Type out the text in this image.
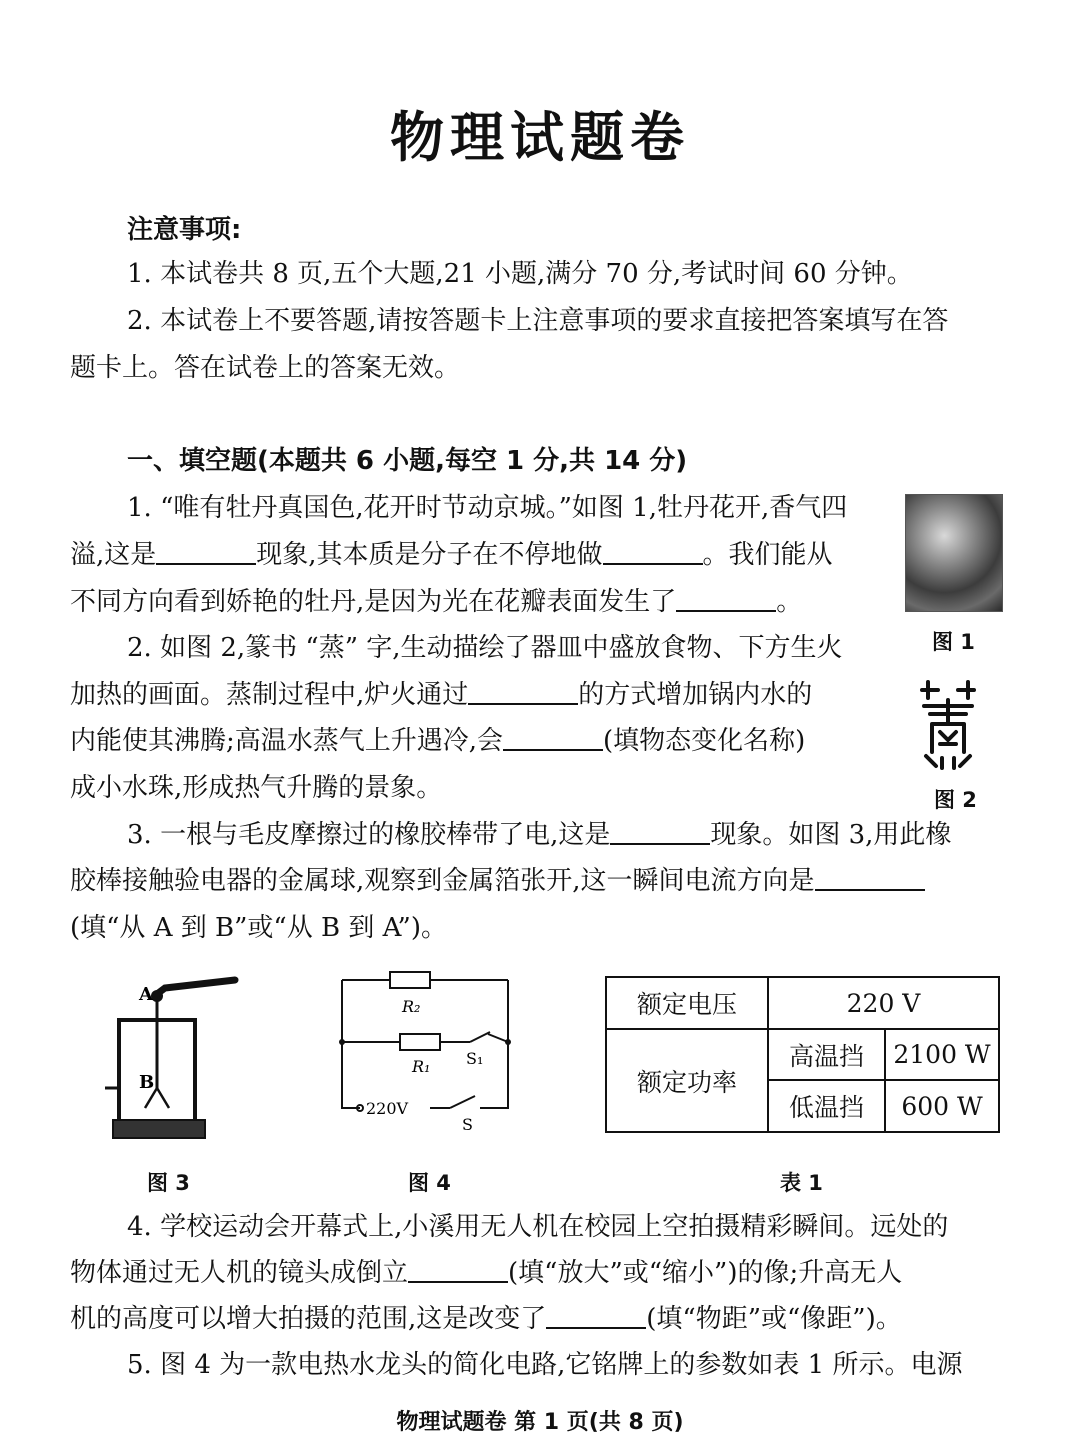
物理试题卷
注意事项:
1. 本试卷共 8 页,五个大题,21 小题,满分 70 分,考试时间 60 分钟。
2. 本试卷上不要答题,请按答题卡上注意事项的要求直接把答案填写在答
题卡上。答在试卷上的答案无效。
一、填空题(本题共 6 小题,每空 1 分,共 14 分)
1. “唯有牡丹真国色,花开时节动京城。”如图 1,牡丹花开,香气四
溢,这是	现象,其本质是分子在不停地做	。我们能从
不同方向看到娇艳的牡丹,是因为光在花瓣表面发生了	。
图 1
2. 如图 2,篆书 “蒸” 字,生动描绘了器皿中盛放食物、下方生火
加热的画面。蒸制过程中,炉火通过	的方式增加锅内水的
内能使其沸腾;高温水蒸气上升遇冷,会	(填物态变化名称)
成小水珠,形成热气升腾的景象。	图 2
3. 一根与毛皮摩擦过的橡胶棒带了电,这是	现象。如图 3,用此橡
胶棒接触验电器的金属球,观察到金属箔张开,这一瞬间电流方向是
(填“从 A 到 B”或“从 B 到 A”)。
A
B
图 3
R₂
R₁ S₁
220V
S
图 4
额定电压	220 V	
额定功率	高温挡	2100 W
	低温挡	600 W
表 1
4. 学校运动会开幕式上,小溪用无人机在校园上空拍摄精彩瞬间。远处的
物体通过无人机的镜头成倒立	(填“放大”或“缩小”)的像;升高无人
机的高度可以增大拍摄的范围,这是改变了	(填“物距”或“像距”)。
5. 图 4 为一款电热水龙头的简化电路,它铭牌上的参数如表 1 所示。电源
物理试题卷 第 1 页(共 8 页)
